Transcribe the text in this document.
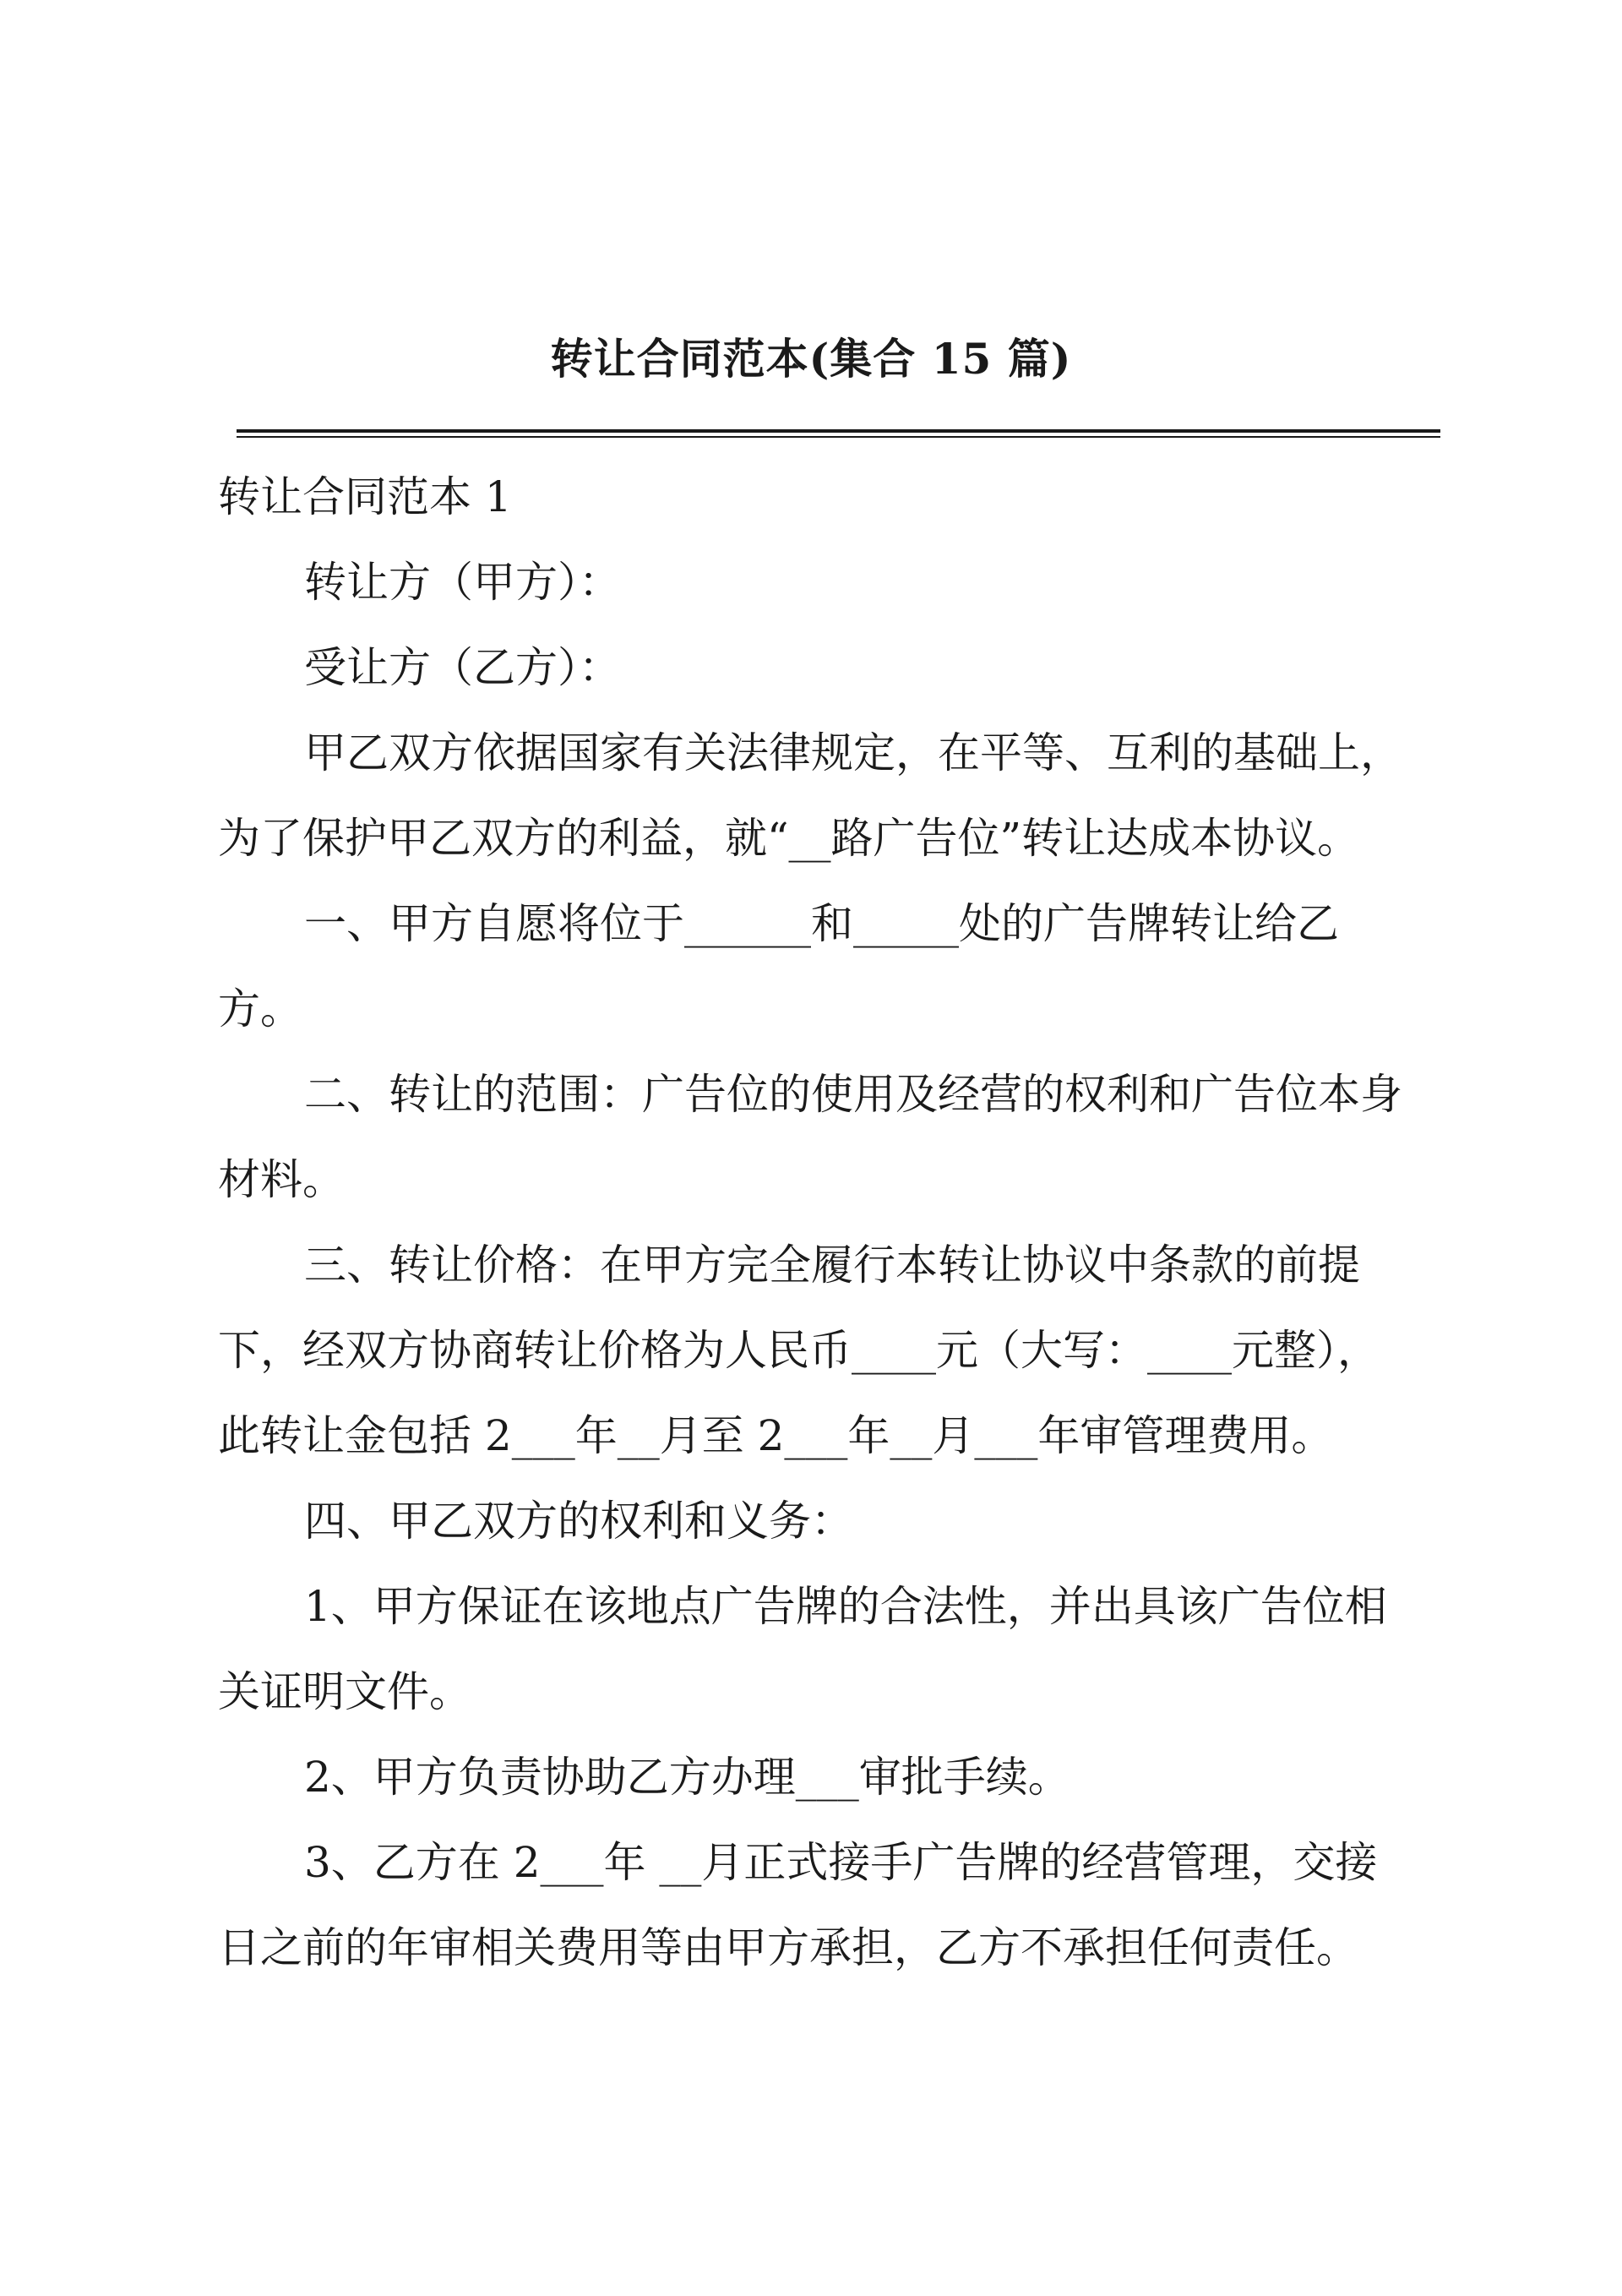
转让合同范本(集合 15 篇)

转让合同范本 1

转让方（甲方）：

受让方（乙方）：

甲乙双方依据国家有关法律规定，在平等、互利的基础上，

为了保护甲乙双方的利益，就“__路广告位”转让达成本协议。

一、甲方自愿将位于______和_____处的广告牌转让给乙

方。

二、转让的范围：广告位的使用及经营的权利和广告位本身

材料。

三、转让价格：在甲方完全履行本转让协议中条款的前提

下，经双方协商转让价格为人民币____元（大写：____元整），

此转让金包括 2___年__月至 2___年__月___年审管理费用。

四、甲乙双方的权利和义务：

1、甲方保证在该地点广告牌的合法性，并出具该广告位相

关证明文件。

2、甲方负责协助乙方办理___审批手续。

3、乙方在 2___年 __月正式接手广告牌的经营管理，交接

日之前的年审相关费用等由甲方承担，乙方不承担任何责任。
